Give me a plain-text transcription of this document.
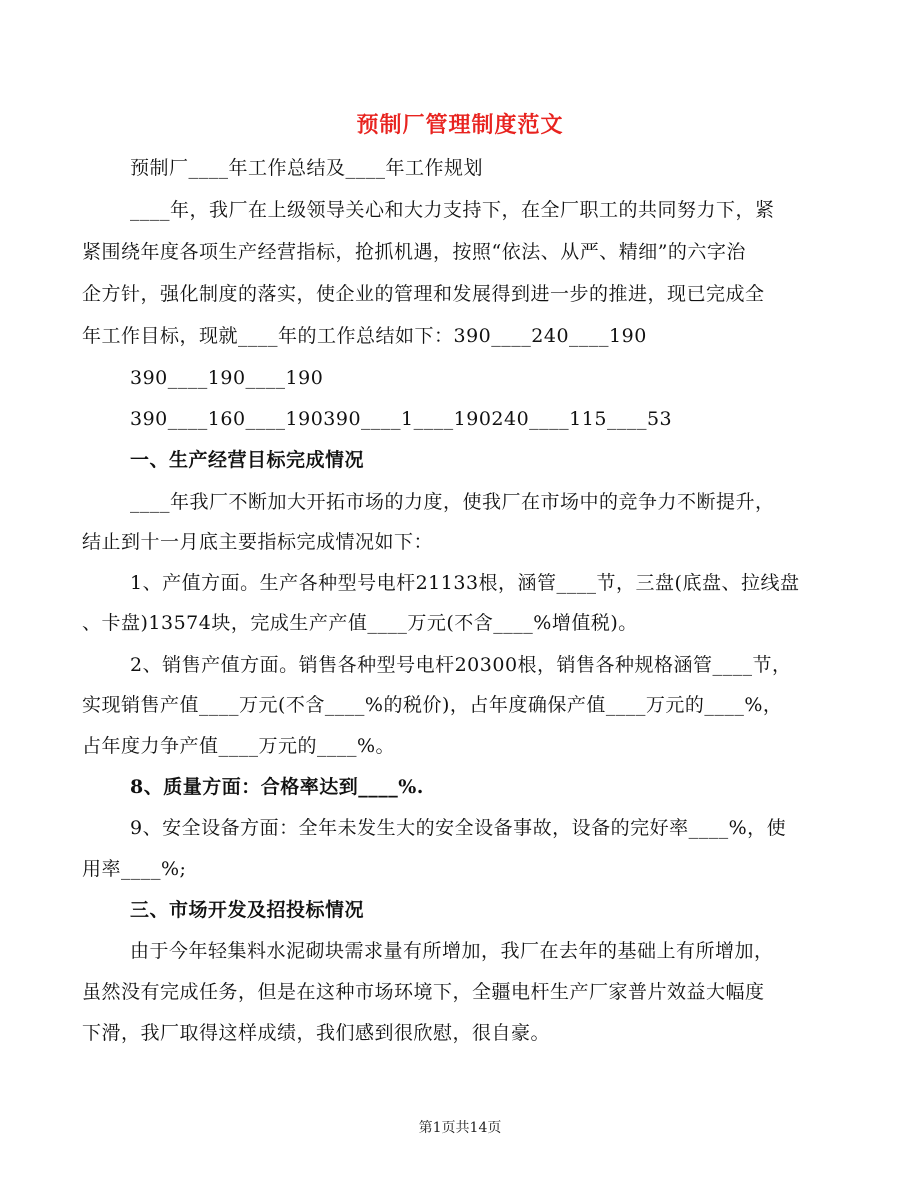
预制厂管理制度范文
预制厂____年工作总结及____年工作规划
____年，我厂在上级领导关心和大力支持下，在全厂职工的共同努力下，紧
紧围绕年度各项生产经营指标，抢抓机遇，按照“依法、从严、精细”的六字治
企方针，强化制度的落实，使企业的管理和发展得到进一步的推进，现已完成全
年工作目标，现就____年的工作总结如下：390____240____190
390____190____190
390____160____190390____1____190240____115____53
一、生产经营目标完成情况
____年我厂不断加大开拓市场的力度，使我厂在市场中的竞争力不断提升，
结止到十一月底主要指标完成情况如下：
1、产值方面。生产各种型号电杆21133根，涵管____节，三盘(底盘、拉线盘
、卡盘)13574块，完成生产产值____万元(不含____%增值税)。
2、销售产值方面。销售各种型号电杆20300根，销售各种规格涵管____节，
实现销售产值____万元(不含____%的税价)，占年度确保产值____万元的____%，
占年度力争产值____万元的____%。
8、质量方面：合格率达到____%.
9、安全设备方面：全年未发生大的安全设备事故，设备的完好率____%，使
用率____%;
三、市场开发及招投标情况
由于今年轻集料水泥砌块需求量有所增加，我厂在去年的基础上有所增加，
虽然没有完成任务，但是在这种市场环境下，全疆电杆生产厂家普片效益大幅度
下滑，我厂取得这样成绩，我们感到很欣慰，很自豪。
第1页共14页
